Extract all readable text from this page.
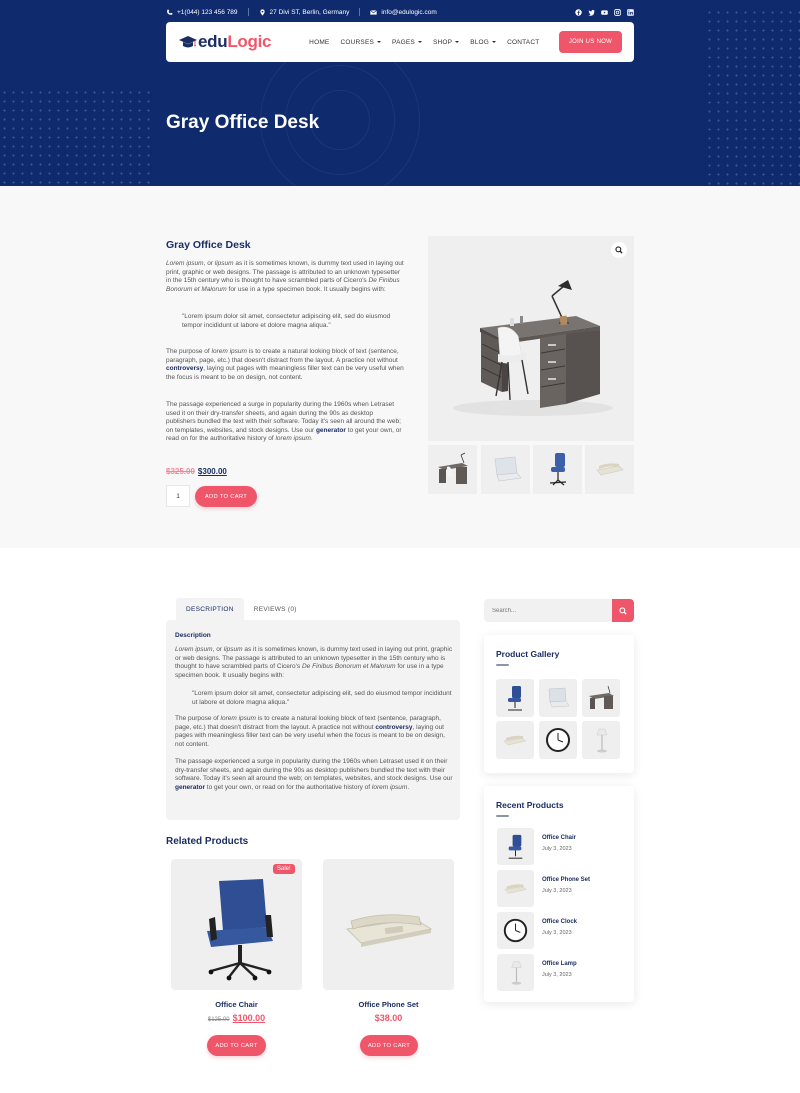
+1(044) 123 456 789	27 Divi ST, Berlin, Germany	info@edulogic.com
edu Logic	HOME COURSES	PAGES	SHOP	BLOG	CONTACT	JOIN US NOW
Gray Office Desk
Gray Office Desk
Lorem ipsum, or lipsum as it is sometimes known, is dummy text used in laying out print, graphic or web designs. The passage is attributed to an unknown typesetter in the 15th century who is thought to have scrambled parts of Cicero's De Finibus Bonorum et Malorum for use in a type specimen book. It usually begins with:
"Lorem ipsum dolor sit amet, consectetur adipiscing elit, sed do eiusmod tempor incididunt ut labore et dolore magna aliqua."
The purpose of lorem ipsum is to create a natural looking block of text (sentence, paragraph, page, etc.) that doesn't distract from the layout. A practice not without controversy, laying out pages with meaningless filler text can be very useful when the focus is meant to be on design, not content.
The passage experienced a surge in popularity during the 1960s when Letraset used it on their dry-transfer sheets, and again during the 90s as desktop publishers bundled the text with their software. Today it's seen all around the web; on templates, websites, and stock designs. Use our generator to get your own, or read on for the authoritative history of lorem ipsum.
$325.00 $300.00
1	ADD TO CART
DESCRIPTION	REVIEWS (0)
Description
Lorem ipsum, or lipsum as it is sometimes known, is dummy text used in laying out print, graphic or web designs. The passage is attributed to an unknown typesetter in the 15th century who is thought to have scrambled parts of Cicero's De Finibus Bonorum et Malorum for use in a type specimen book. It usually begins with:
"Lorem ipsum dolor sit amet, consectetur adipiscing elit, sed do eiusmod tempor incididunt ut labore et dolore magna aliqua."
The purpose of lorem ipsum is to create a natural looking block of text (sentence, paragraph, page, etc.) that doesn't distract from the layout. A practice not without controversy, laying out pages with meaningless filler text can be very useful when the focus is meant to be on design, not content.
The passage experienced a surge in popularity during the 1960s when Letraset used it on their dry-transfer sheets, and again during the 90s as desktop publishers bundled the text with their software. Today it's seen all around the web; on templates, websites, and stock designs. Use our generator to get your own, or read on for the authoritative history of lorem ipsum.
Related Products
Sale!
Office Chair
$125.00 $100.00
ADD TO CART
Office Phone Set
$38.00
ADD TO CART
Search...
Product Gallery
Recent Products
Office Chair
July 3, 2023
Office Phone Set
July 3, 2023
Office Clock
July 3, 2023
Office Lamp
July 3, 2023
